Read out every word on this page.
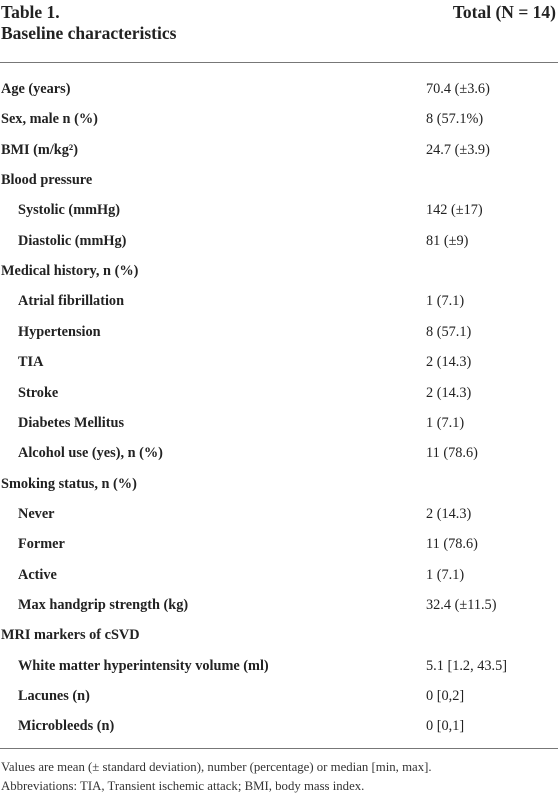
Table 1.
Baseline characteristics
Total (N = 14)
Age (years)	70.4 (±3.6)
Sex, male n (%)	8 (57.1%)
BMI (m/kg²)	24.7 (±3.9)
Blood pressure
Systolic (mmHg)	142 (±17)
Diastolic (mmHg)	81 (±9)
Medical history, n (%)
Atrial fibrillation	1 (7.1)
Hypertension	8 (57.1)
TIA	2 (14.3)
Stroke	2 (14.3)
Diabetes Mellitus	1 (7.1)
Alcohol use (yes), n (%)	11 (78.6)
Smoking status, n (%)
Never	2 (14.3)
Former	11 (78.6)
Active	1 (7.1)
Max handgrip strength (kg)	32.4 (±11.5)
MRI markers of cSVD
White matter hyperintensity volume (ml)	5.1 [1.2, 43.5]
Lacunes (n)	0 [0,2]
Microbleeds (n)	0 [0,1]
Values are mean (± standard deviation), number (percentage) or median [min, max].
Abbreviations: TIA, Transient ischemic attack; BMI, body mass index.
